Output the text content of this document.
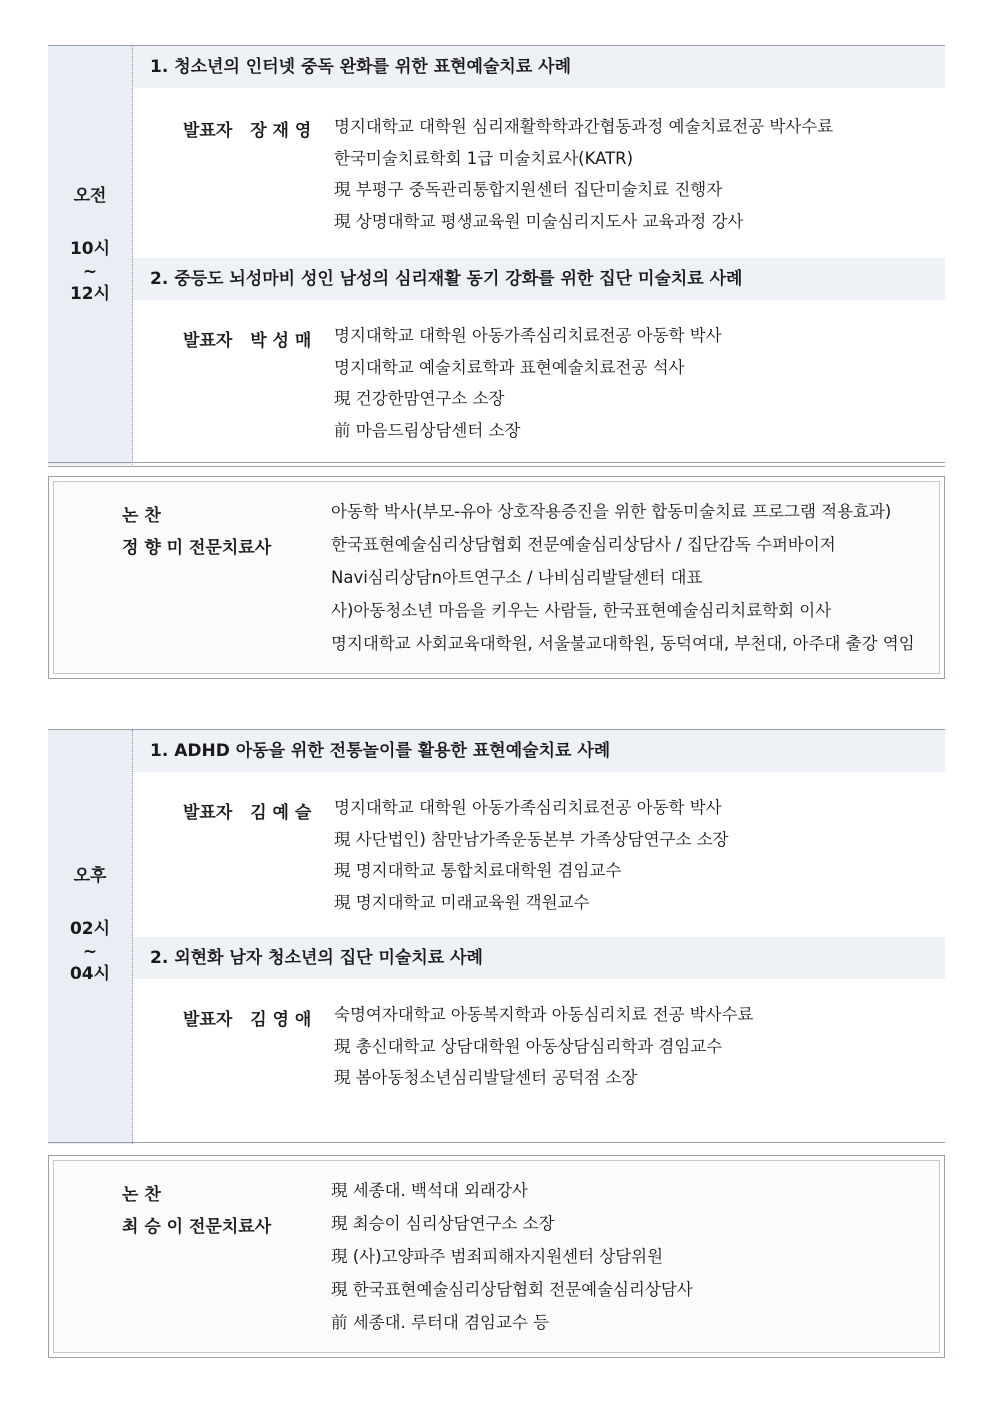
오전
10시
~
12시
1. 청소년의 인터넷 중독 완화를 위한 표현예술치료 사례
발표자 장 재 영 명지대학교 대학원 심리재활학학과간협동과정 예술치료전공 박사수료
한국미술치료학회 1급 미술치료사(KATR)
現 부평구 중독관리통합지원센터 집단미술치료 진행자
現 상명대학교 평생교육원 미술심리지도사 교육과정 강사
2. 중등도 뇌성마비 성인 남성의 심리재활 동기 강화를 위한 집단 미술치료 사례
발표자 박 성 매 명지대학교 대학원 아동가족심리치료전공 아동학 박사
명지대학교 예술치료학과 표현예술치료전공 석사
現 건강한맘연구소 소장
前 마음드림상담센터 소장
논 찬
정 향 미 전문치료사
아동학 박사(부모-유아 상호작용증진을 위한 합동미술치료 프로그램 적용효과)
한국표현예술심리상담협회 전문예술심리상담사 / 집단감독 수퍼바이저
Navi심리상담n아트연구소 / 나비심리발달센터 대표
사)아동청소년 마음을 키우는 사람들, 한국표현예술심리치료학회 이사
명지대학교 사회교육대학원, 서울불교대학원, 동덕여대, 부천대, 아주대 출강 역임
오후
02시
~
04시
1. ADHD 아동을 위한 전통놀이를 활용한 표현예술치료 사례
발표자 김 예 슬 명지대학교 대학원 아동가족심리치료전공 아동학 박사
現 사단법인) 참만남가족운동본부 가족상담연구소 소장
現 명지대학교 통합치료대학원 겸임교수
現 명지대학교 미래교육원 객원교수
2. 외현화 남자 청소년의 집단 미술치료 사례
발표자 김 영 애 숙명여자대학교 아동복지학과 아동심리치료 전공 박사수료
現 총신대학교 상담대학원 아동상담심리학과 겸임교수
現 봄아동청소년심리발달센터 공덕점 소장
논 찬
최 승 이 전문치료사
現 세종대. 백석대 외래강사
現 최승이 심리상담연구소 소장
現 (사)고양파주 범죄피해자지원센터 상담위원
現 한국표현예술심리상담협회 전문예술심리상담사
前 세종대. 루터대 겸임교수 등
